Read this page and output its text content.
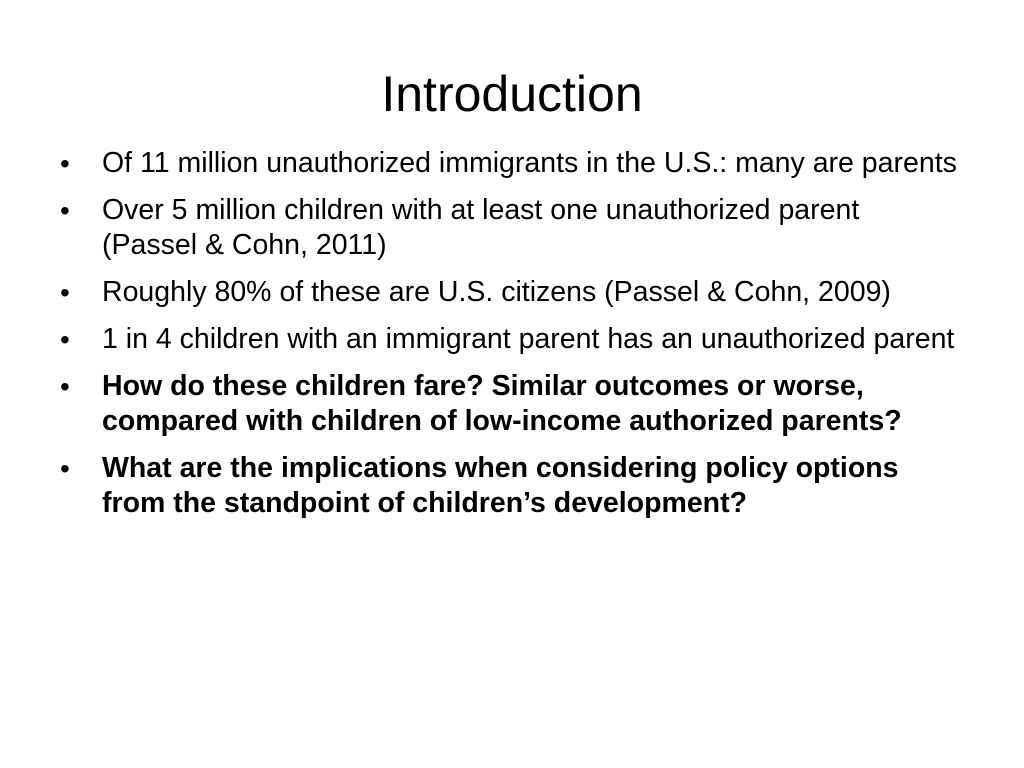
Introduction
•	Of 11 million unauthorized immigrants in the U.S.: many are parents
•	Over 5 million children with at least one unauthorized parent (Passel & Cohn, 2011)
•	Roughly 80% of these are U.S. citizens (Passel & Cohn, 2009)
•	1 in 4 children with an immigrant parent has an unauthorized parent
•	How do these children fare? Similar outcomes or worse, compared with children of low-income authorized parents?
•	What are the implications when considering policy options from the standpoint of children’s development?
